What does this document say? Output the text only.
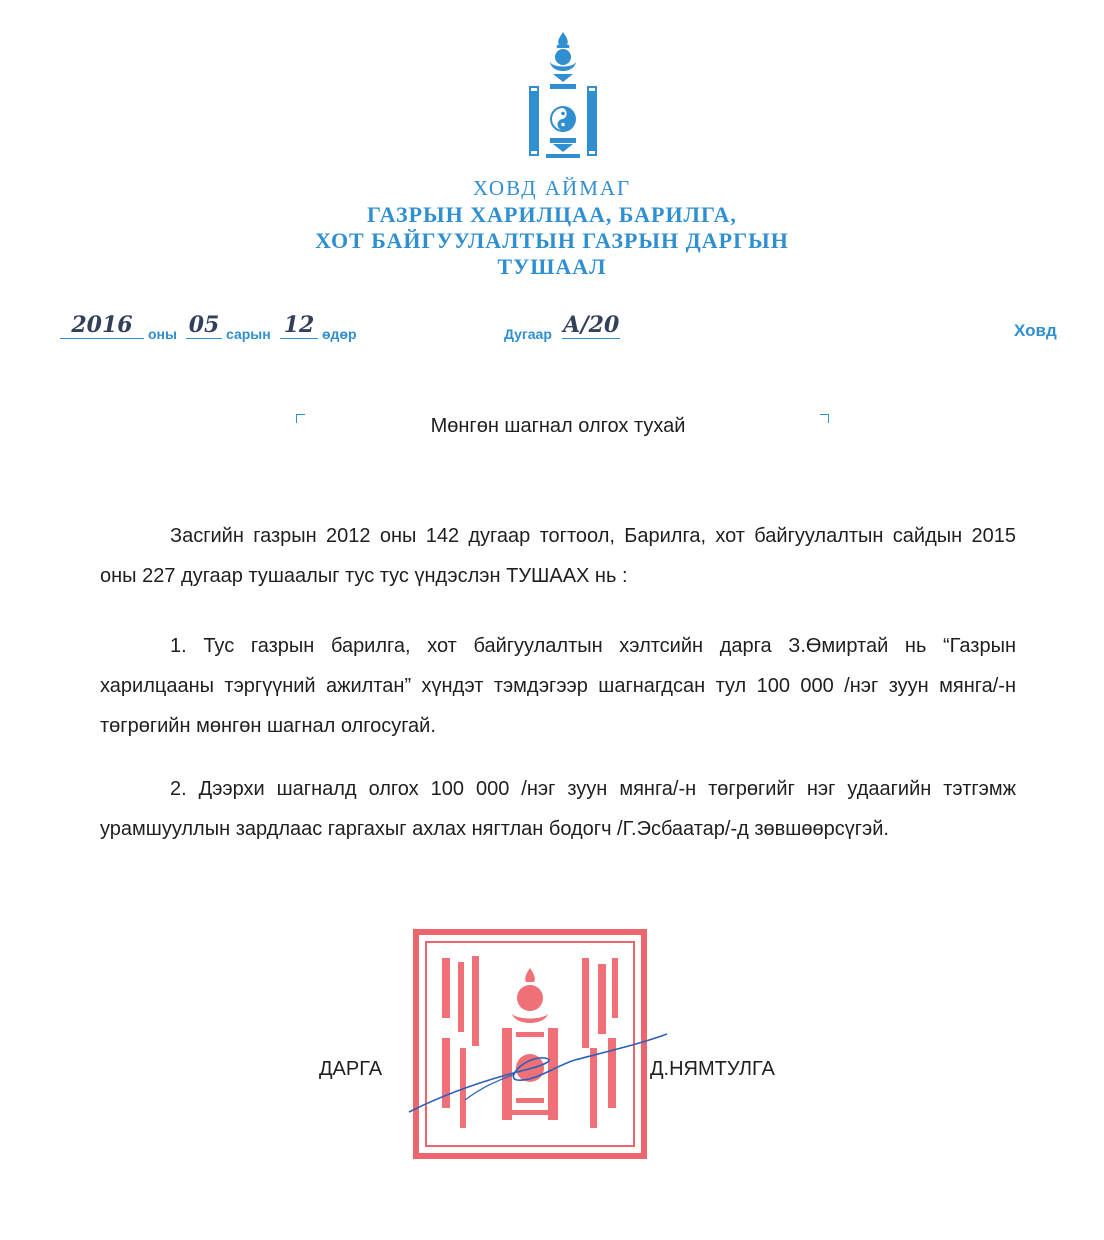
ХОВД АЙМАГ
ГАЗРЫН ХАРИЛЦАА, БАРИЛГА,
ХОТ БАЙГУУЛАЛТЫН ГАЗРЫН ДАРГЫН
ТУШААЛ
2016	оны 05 сарын 12 өдөр	Дугаар А/20	Ховд
Мөнгөн шагнал олгох тухай

Засгийн газрын 2012 оны 142 дугаар тогтоол, Барилга, хот байгуулалтын сайдын 2015 оны 227 дугаар тушаалыг тус тус үндэслэн ТУШААХ нь :

1. Тус газрын барилга, хот байгуулалтын хэлтсийн дарга З.Өмиртай нь “Газрын харилцааны тэргүүний ажилтан” хүндэт тэмдэгээр шагнагдсан тул 100 000 /нэг зуун мянга/-н төгрөгийн мөнгөн шагнал олгосугай.

2. Дээрхи шагналд олгох 100 000 /нэг зуун мянга/-н төгрөгийг нэг удаагийн тэтгэмж урамшууллын зардлаас гаргахыг ахлах нягтлан бодогч /Г.Эсбаатар/-д зөвшөөрсүгэй.

ДАРГА	Д.НЯМТУЛГА
